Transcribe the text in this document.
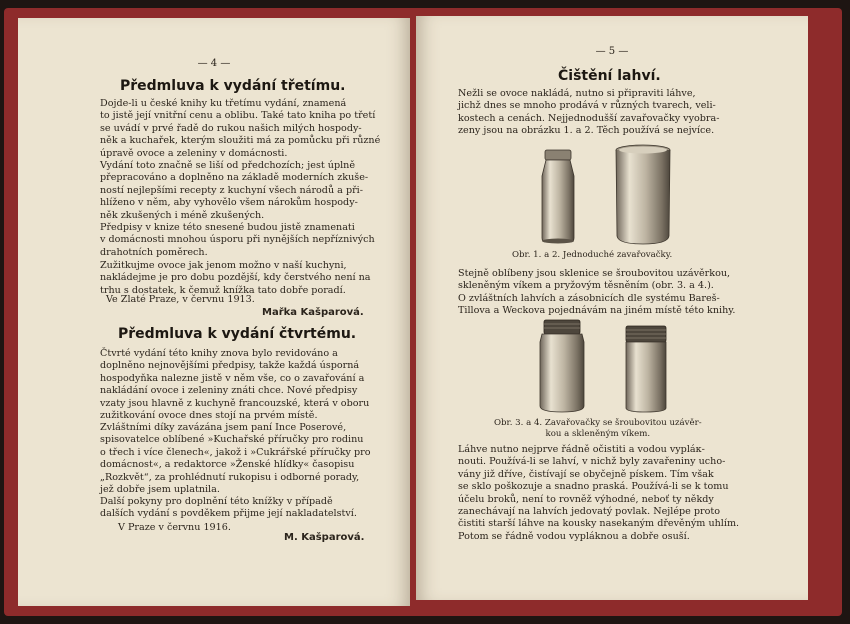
— 4 —
Předmluva k vydání třetímu.
Dojde-li u české knihy ku třetímu vydání, znamená
to jistě její vnitřní cenu a oblibu. Také tato kniha po třetí
se uvádí v prvé řadě do rukou našich milých hospody-
něk a kuchařek, kterým sloužiti má za pomůcku při různé
úpravě ovoce a zeleniny v domácnosti.
Vydání toto značně se liší od předchozích; jest úplně
přepracováno a doplněno na základě moderních zkuše-
ností nejlepšími recepty z kuchyní všech národů a při-
hlíženo v něm, aby vyhovělo všem nárokům hospody-
něk zkušených i méně zkušených.
Předpisy v knize této snesené budou jistě znamenati
v domácnosti mnohou úsporu při nynějších nepříznivých
drahotních poměrech.
Zužitkujme ovoce jak jenom možno v naší kuchyni,
nakládejme je pro dobu pozdější, kdy čerstvého není na
trhu s dostatek, k čemuž knížka tato dobře poradí.
Ve Zlaté Praze, v červnu 1913.
Mařka Kašparová.
Předmluva k vydání čtvrtému.
Čtvrté vydání této knihy znova bylo revidováno a
doplněno nejnovějšími předpisy, takže každá úsporná
hospodyňka nalezne jistě v něm vše, co o zavařování a
nakládání ovoce i zeleniny znáti chce. Nové předpisy
vzaty jsou hlavně z kuchyně francouzské, která v oboru
zužitkování ovoce dnes stojí na prvém místě.
Zvláštními díky zavázána jsem paní Ince Poserové,
spisovatelce oblíbené »Kuchařské příručky pro rodinu
o třech i více členech«, jakož i »Cukrářské příručky pro
domácnost«, a redaktorce »Ženské hlídky« časopisu
„Rozkvět“, za prohlédnutí rukopisu i odborné porady,
jež dobře jsem uplatnila.
Další pokyny pro doplnění této knížky v případě
dalších vydání s povděkem přijme její nakladatelství.
V Praze v červnu 1916.
M. Kašparová.
— 5 —
Čištění lahví.
Nežli se ovoce nakládá, nutno si připraviti láhve,
jichž dnes se mnoho prodává v různých tvarech, veli-
kostech a cenách. Nejjednodušší zavařovačky vyobra-
zeny jsou na obrázku 1. a 2. Těch používá se nejvíce.
Obr. 1. a 2. Jednoduché zavařovačky.
Stejně oblíbeny jsou sklenice se šroubovitou uzávěrkou,
skleněným víkem a pryžovým těsněním (obr. 3. a 4.).
O zvláštních lahvích a zásobnicích dle systému Bareš-
Tillova a Weckova pojednávám na jiném místě této knihy.
Obr. 3. a 4. Zavařovačky se šroubovitou uzávěr-
kou a skleněným víkem.
Láhve nutno nejprve řádně očistiti a vodou vypláк-
nouti. Používá-li se lahví, v nichž byly zavařeniny ucho-
vány již dříve, čistívají se obyčejně pískem. Tím však
se sklo poškozuje a snadno praská. Používá-li se k tomu
účelu broků, není to rovněž výhodné, neboť ty někdy
zanechávají na lahvích jedovatý povlak. Nejlépe proto
čistiti starší láhve na kousky nasekaným dřevěným uhlím.
Potom se řádně vodou vypláknou a dobře osuší.
